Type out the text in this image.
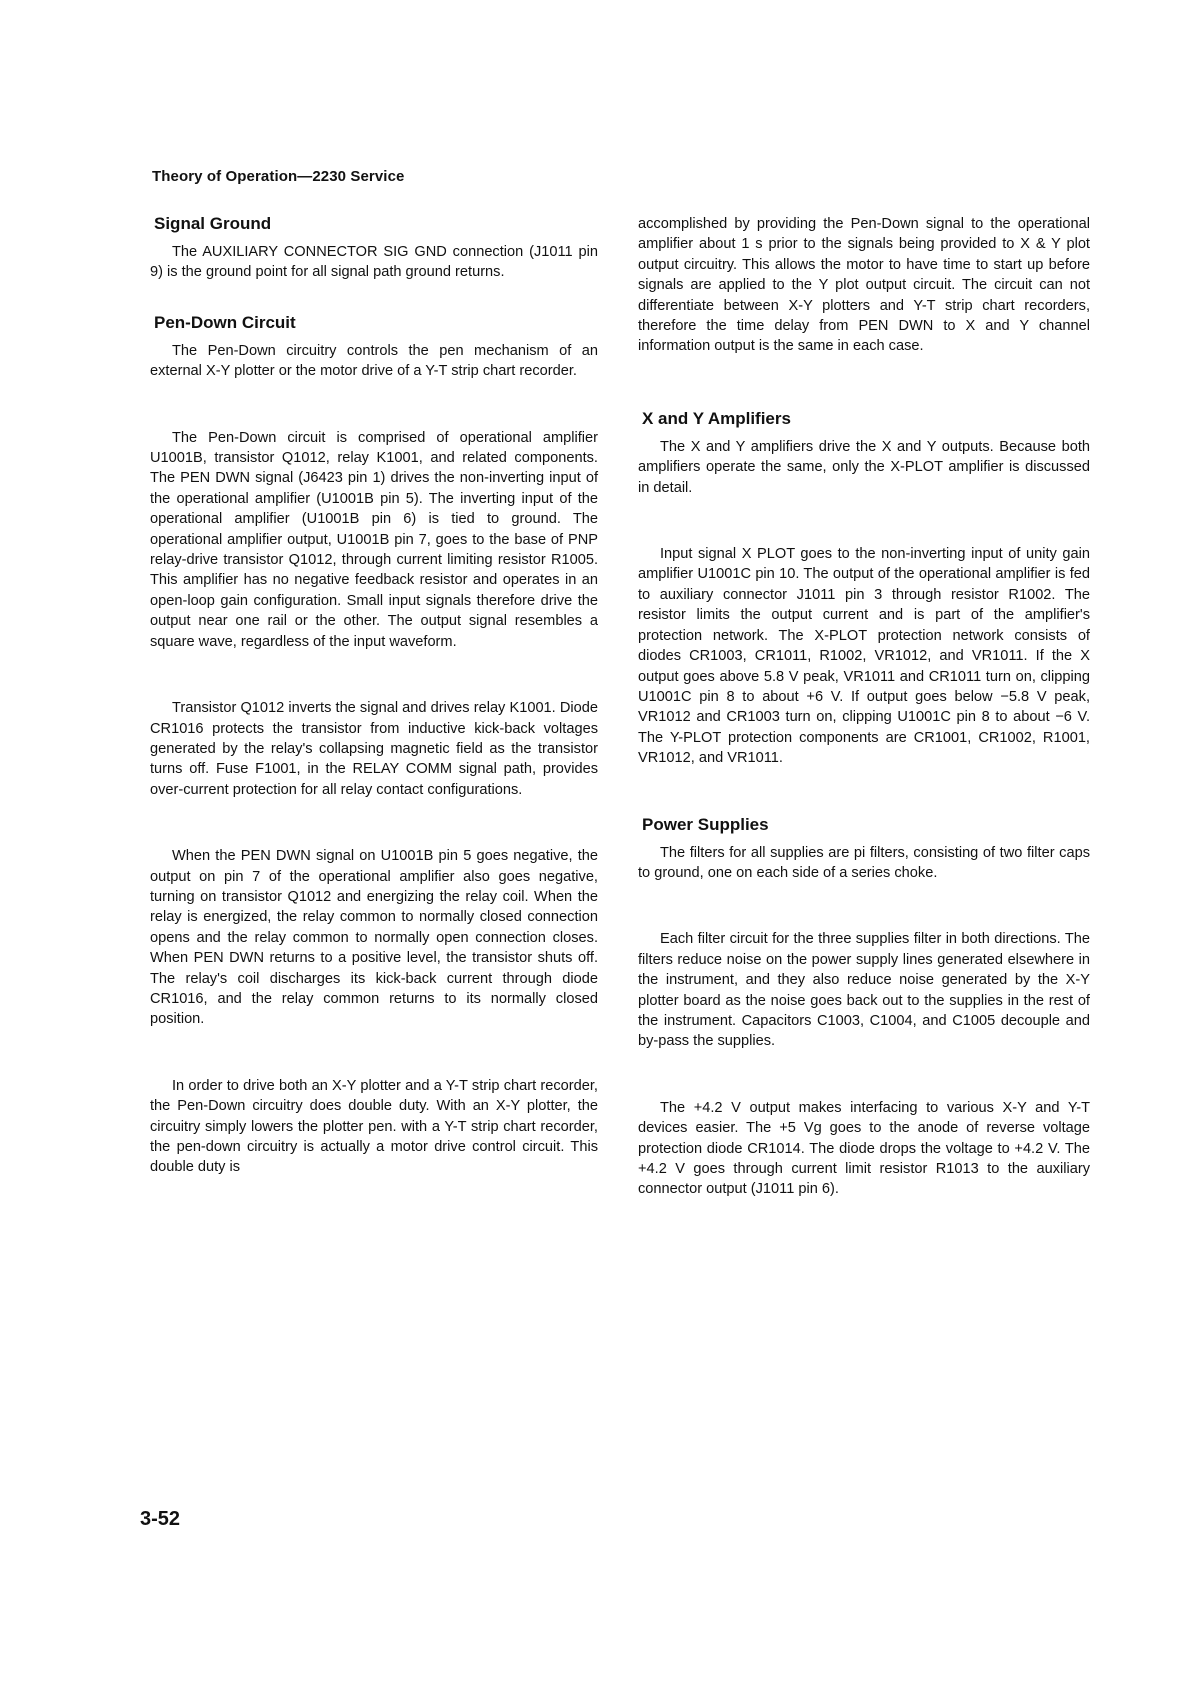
Theory of Operation—2230 Service
Signal Ground

The AUXILIARY CONNECTOR SIG GND connection (J1011 pin 9) is the ground point for all signal path ground returns.

Pen-Down Circuit

The Pen-Down circuitry controls the pen mechanism of an external X-Y plotter or the motor drive of a Y-T strip chart recorder.

The Pen-Down circuit is comprised of operational amplifier U1001B, transistor Q1012, relay K1001, and related components. The PEN DWN signal (J6423 pin 1) drives the non-inverting input of the operational amplifier (U1001B pin 5). The inverting input of the operational amplifier (U1001B pin 6) is tied to ground. The operational amplifier output, U1001B pin 7, goes to the base of PNP relay-drive transistor Q1012, through current limiting resistor R1005. This amplifier has no negative feedback resistor and operates in an open-loop gain configuration. Small input signals therefore drive the output near one rail or the other. The output signal resembles a square wave, regardless of the input waveform.

Transistor Q1012 inverts the signal and drives relay K1001. Diode CR1016 protects the transistor from inductive kick-back voltages generated by the relay's collapsing magnetic field as the transistor turns off. Fuse F1001, in the RELAY COMM signal path, provides over-current protection for all relay contact configurations.

When the PEN DWN signal on U1001B pin 5 goes negative, the output on pin 7 of the operational amplifier also goes negative, turning on transistor Q1012 and energizing the relay coil. When the relay is energized, the relay common to normally closed connection opens and the relay common to normally open connection closes. When PEN DWN returns to a positive level, the transistor shuts off. The relay's coil discharges its kick-back current through diode CR1016, and the relay common returns to its normally closed position.

In order to drive both an X-Y plotter and a Y-T strip chart recorder, the Pen-Down circuitry does double duty. With an X-Y plotter, the circuitry simply lowers the plotter pen. with a Y-T strip chart recorder, the pen-down circuitry is actually a motor drive control circuit. This double duty is

accomplished by providing the Pen-Down signal to the operational amplifier about 1 s prior to the signals being provided to X & Y plot output circuitry. This allows the motor to have time to start up before signals are applied to the Y plot output circuit. The circuit can not differentiate between X-Y plotters and Y-T strip chart recorders, therefore the time delay from PEN DWN to X and Y channel information output is the same in each case.

X and Y Amplifiers

The X and Y amplifiers drive the X and Y outputs. Because both amplifiers operate the same, only the X-PLOT amplifier is discussed in detail.

Input signal X PLOT goes to the non-inverting input of unity gain amplifier U1001C pin 10. The output of the operational amplifier is fed to auxiliary connector J1011 pin 3 through resistor R1002. The resistor limits the output current and is part of the amplifier's protection network. The X-PLOT protection network consists of diodes CR1003, CR1011, R1002, VR1012, and VR1011. If the X output goes above 5.8 V peak, VR1011 and CR1011 turn on, clipping U1001C pin 8 to about +6 V. If output goes below −5.8 V peak, VR1012 and CR1003 turn on, clipping U1001C pin 8 to about −6 V. The Y-PLOT protection components are CR1001, CR1002, R1001, VR1012, and VR1011.

Power Supplies

The filters for all supplies are pi filters, consisting of two filter caps to ground, one on each side of a series choke.

Each filter circuit for the three supplies filter in both directions. The filters reduce noise on the power supply lines generated elsewhere in the instrument, and they also reduce noise generated by the X-Y plotter board as the noise goes back out to the supplies in the rest of the instrument. Capacitors C1003, C1004, and C1005 decouple and by-pass the supplies.

The +4.2 V output makes interfacing to various X-Y and Y-T devices easier. The +5 Vg goes to the anode of reverse voltage protection diode CR1014. The diode drops the voltage to +4.2 V. The +4.2 V goes through current limit resistor R1013 to the auxiliary connector output (J1011 pin 6).

3-52
